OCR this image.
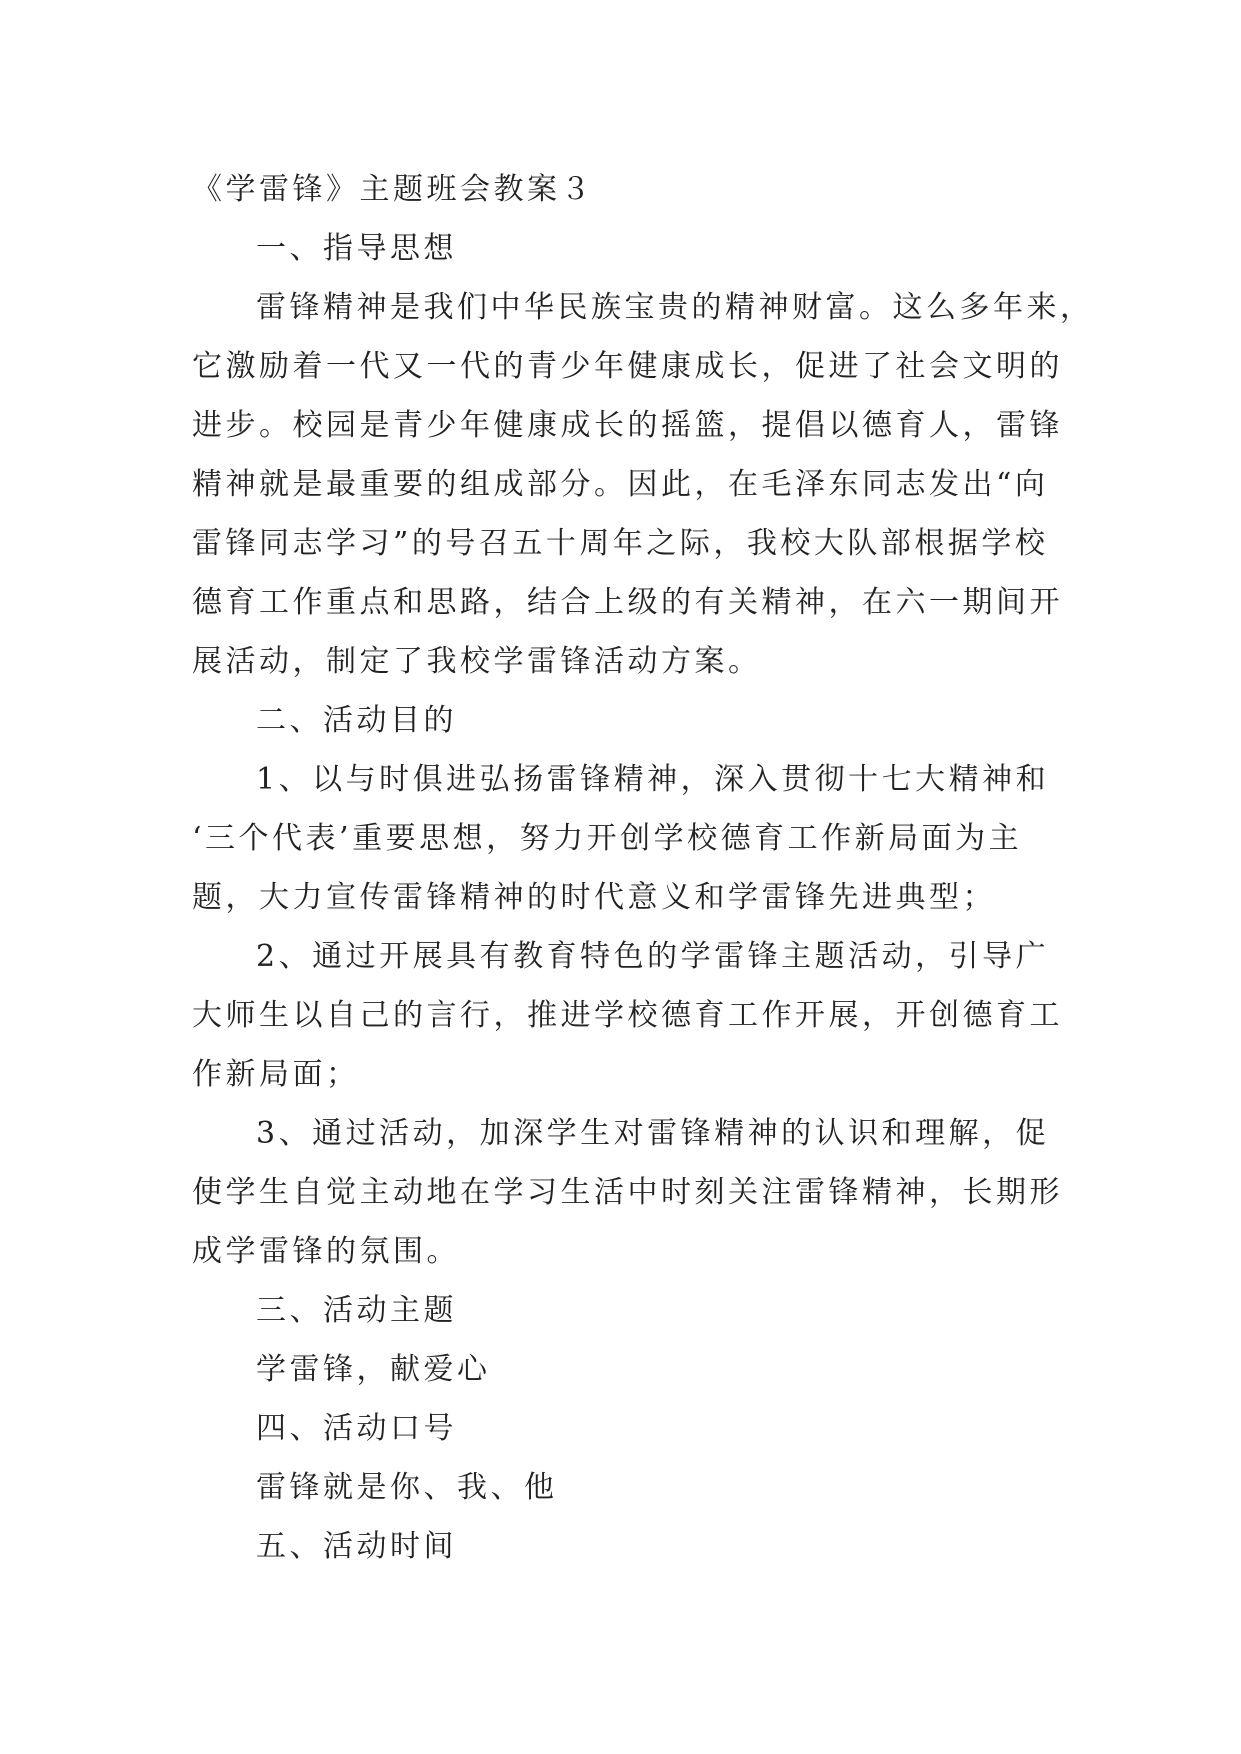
《学雷锋》主题班会教案３

一、指导思想

雷锋精神是我们中华民族宝贵的精神财富。这么多年来，

它激励着一代又一代的青少年健康成长，促进了社会文明的

进步。校园是青少年健康成长的摇篮，提倡以德育人，雷锋

精神就是最重要的组成部分。因此，在毛泽东同志发出“向

雷锋同志学习”的号召五十周年之际，我校大队部根据学校

德育工作重点和思路，结合上级的有关精神，在六一期间开

展活动，制定了我校学雷锋活动方案。

二、活动目的

1、以与时俱进弘扬雷锋精神，深入贯彻十七大精神和

‘三个代表’重要思想，努力开创学校德育工作新局面为主

题，大力宣传雷锋精神的时代意义和学雷锋先进典型；

2、通过开展具有教育特色的学雷锋主题活动，引导广

大师生以自己的言行，推进学校德育工作开展，开创德育工

作新局面；

3、通过活动，加深学生对雷锋精神的认识和理解，促

使学生自觉主动地在学习生活中时刻关注雷锋精神，长期形

成学雷锋的氛围。

三、活动主题

学雷锋，献爱心

四、活动口号

雷锋就是你、我、他

五、活动时间
